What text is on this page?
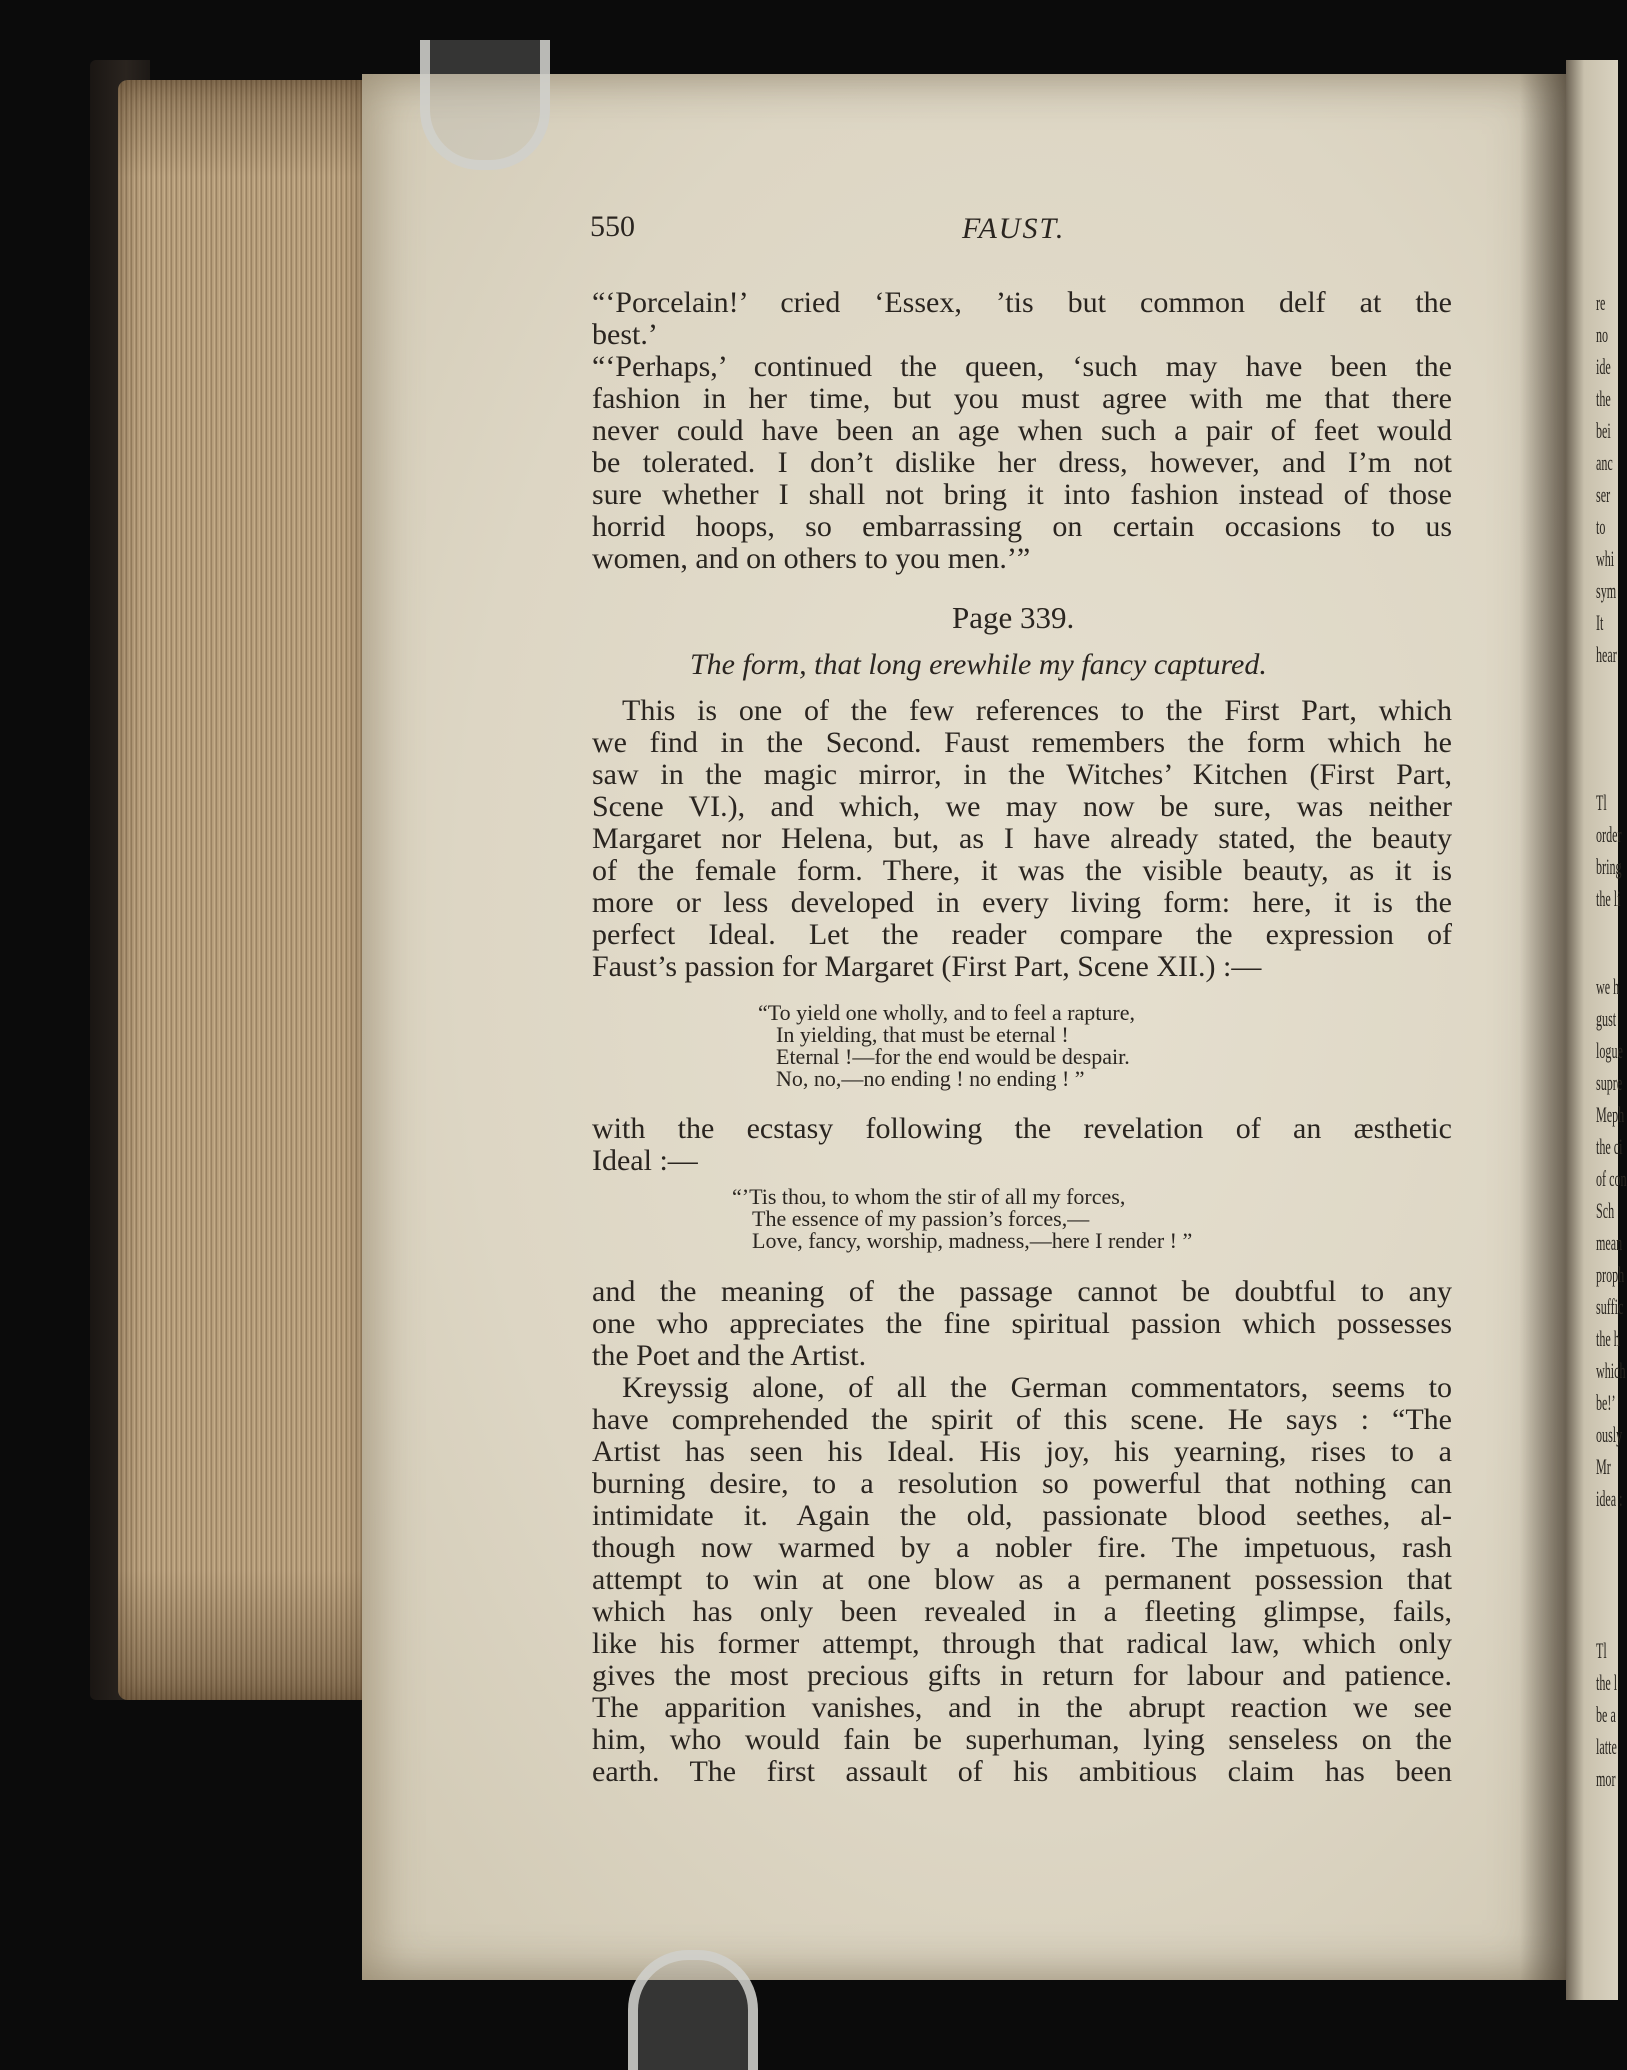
re
no
ide
the
bei
anc
ser
to
whi
sym
It
hear
Tl
order
bring
the li
we h
gust
logue
supre
Meph
the ci
of con
Sch
mean
proph
suffic
the h
which
be!’
ously
Mr
idea :
Tl
the l
be a
latte
mor
550	FAUST.
“‘Porcelain!’ cried ‘Essex, ’tis but common delf at the
best.’
“‘Perhaps,’ continued the queen, ‘such may have been the
fashion in her time, but you must agree with me that there
never could have been an age when such a pair of feet would
be tolerated. I don’t dislike her dress, however, and I’m not
sure whether I shall not bring it into fashion instead of those
horrid hoops, so embarrassing on certain occasions to us
women, and on others to you men.’”
Page 339.
The form, that long erewhile my fancy captured.
This is one of the few references to the First Part, which
we find in the Second. Faust remembers the form which he
saw in the magic mirror, in the Witches’ Kitchen (First Part,
Scene VI.), and which, we may now be sure, was neither
Margaret nor Helena, but, as I have already stated, the beauty
of the female form. There, it was the visible beauty, as it is
more or less developed in every living form: here, it is the
perfect Ideal. Let the reader compare the expression of
Faust’s passion for Margaret (First Part, Scene XII.) :—
“To yield one wholly, and to feel a rapture,
In yielding, that must be eternal !
Eternal !—for the end would be despair.
No, no,—no ending ! no ending ! ”
with the ecstasy following the revelation of an æsthetic
Ideal :—
“’Tis thou, to whom the stir of all my forces,
The essence of my passion’s forces,—
Love, fancy, worship, madness,—here I render ! ”
and the meaning of the passage cannot be doubtful to any
one who appreciates the fine spiritual passion which possesses
the Poet and the Artist.
Kreyssig alone, of all the German commentators, seems to
have comprehended the spirit of this scene. He says : “The
Artist has seen his Ideal. His joy, his yearning, rises to a
burning desire, to a resolution so powerful that nothing can
intimidate it. Again the old, passionate blood seethes, al-
though now warmed by a nobler fire. The impetuous, rash
attempt to win at one blow as a permanent possession that
which has only been revealed in a fleeting glimpse, fails,
like his former attempt, through that radical law, which only
gives the most precious gifts in return for labour and patience.
The apparition vanishes, and in the abrupt reaction we see
him, who would fain be superhuman, lying senseless on the
earth. The first assault of his ambitious claim has been
